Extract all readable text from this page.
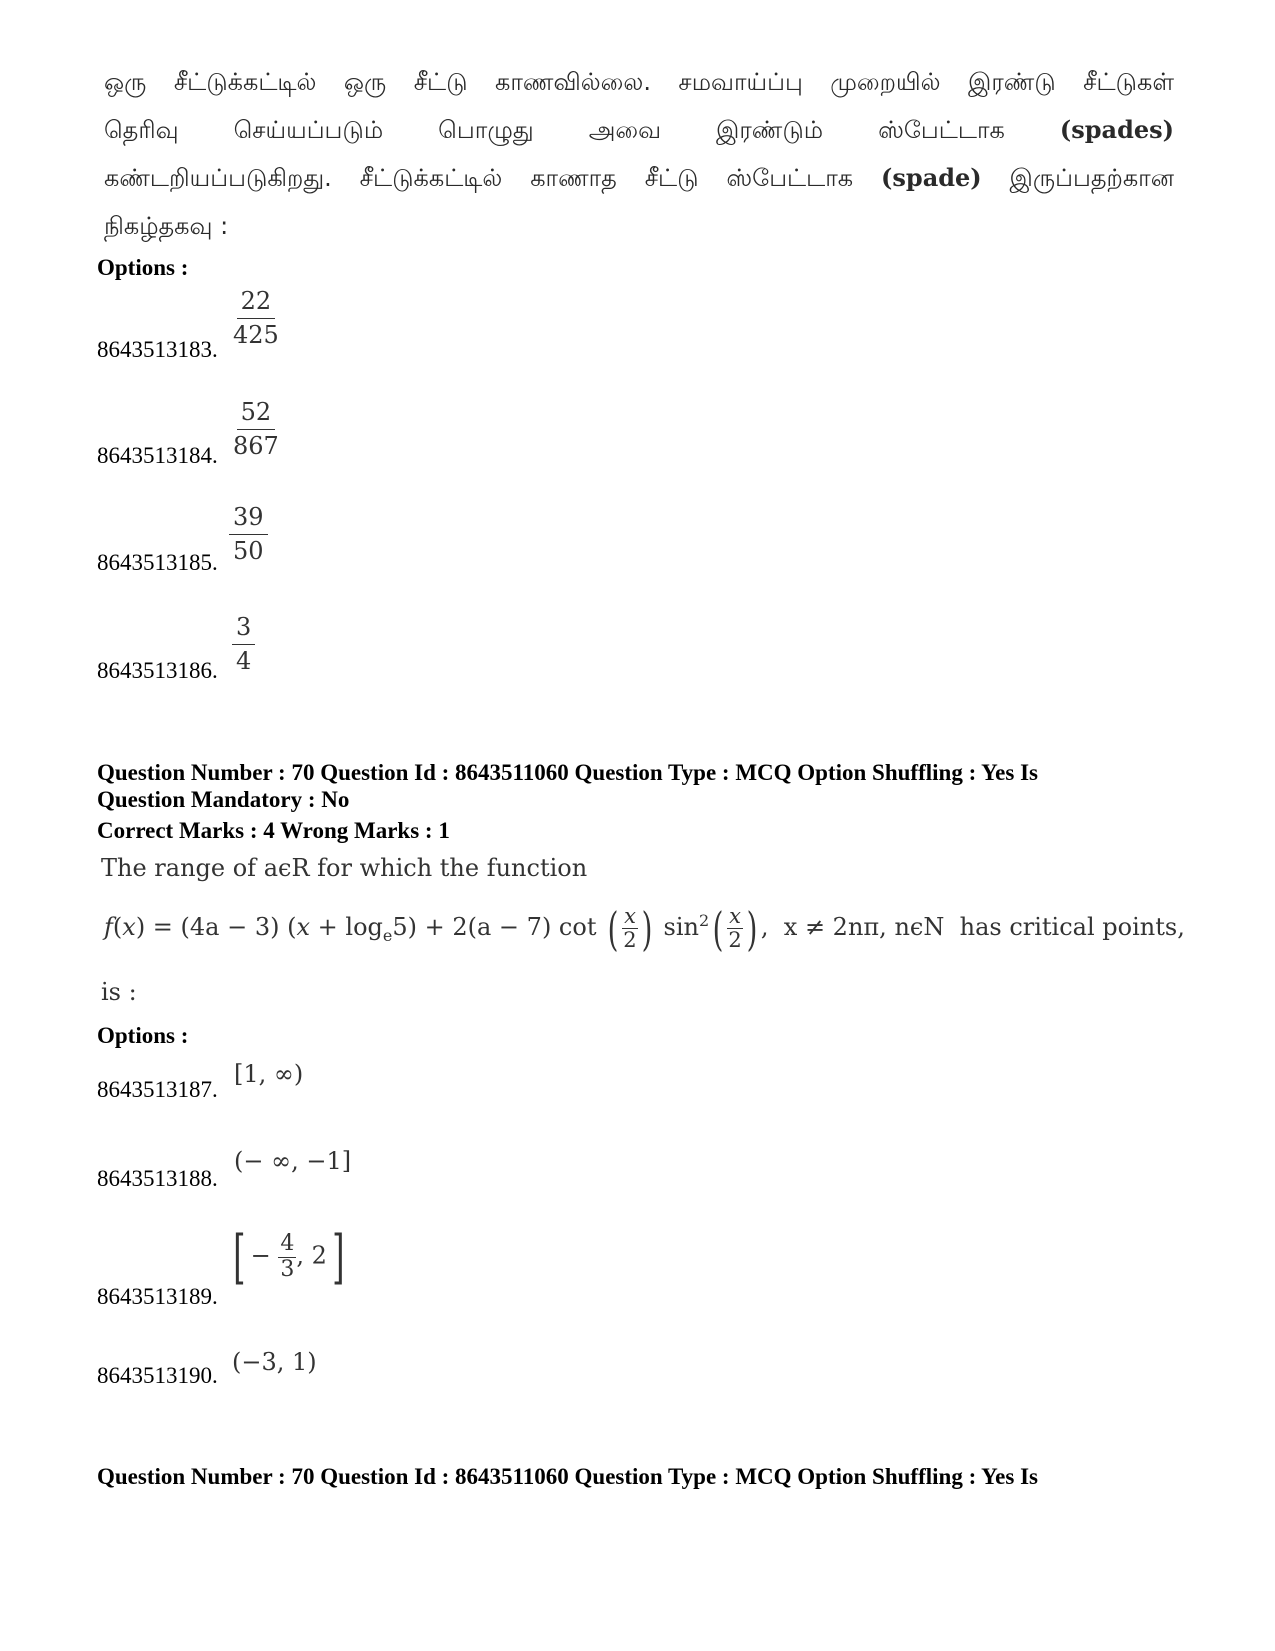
ஒரு சீட்டுக்கட்டில் ஒரு சீட்டு காணவில்லை. சமவாய்ப்பு முறையில் இரண்டு சீட்டுகள்
தெரிவு செய்யப்படும் பொழுது அவை இரண்டும் ஸ்பேட்டாக (spades)
கண்டறியப்படுகிறது. சீட்டுக்கட்டில் காணாத சீட்டு ஸ்பேட்டாக (spade) இருப்பதற்கான
நிகழ்தகவு :
Options :
8643513183. $\frac{22}{425}$
8643513184. $\frac{52}{867}$
8643513185. $\frac{39}{50}$
8643513186. $\frac{3}{4}$
Question Number : 70 Question Id : 8643511060 Question Type : MCQ Option Shuffling : Yes Is
Question Mandatory : No
Correct Marks : 4 Wrong Marks : 1
The range of aϵR for which the function
f(x) = (4a − 3) $(x + \log_e5) + 2(a - 7)$ cot ( $\frac{x}{2}$ ) $\sin^2( \frac{x}{2}$ ) ,  x ≠ 2nπ, nϵN has critical points,
is :
Options :
8643513187.
[1, ∞)
8643513188.
(− ∞, −1]
8643513189.
[ − $\frac{4}{3}$ , 2]
8643513190. (−3, 1)
Question Number : 70 Question Id : 8643511060 Question Type : MCQ Option Shuffling : Yes Is
